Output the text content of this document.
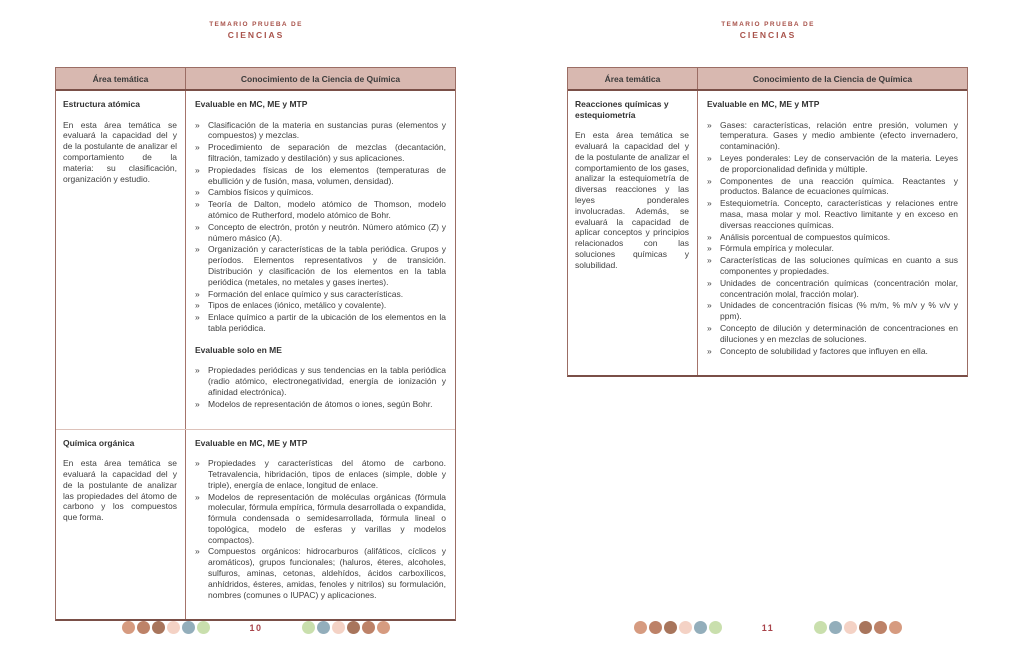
TEMARIO PRUEBA DE
CIENCIAS
Área temática	Conocimiento de la Ciencia de Química
Estructura atómica
En esta área temática se evaluará la capacidad del y de la postulante de analizar el comportamiento de la materia: su clasificación, organización y estudio.
Evaluable en MC, ME y MTP
» Clasificación de la materia en sustancias puras (elementos y compuestos) y mezclas.
» Procedimiento de separación de mezclas (decantación, filtración, tamizado y destilación) y sus aplicaciones.
» Propiedades físicas de los elementos (temperaturas de ebullición y de fusión, masa, volumen, densidad).
» Cambios físicos y químicos.
» Teoría de Dalton, modelo atómico de Thomson, modelo atómico de Rutherford, modelo atómico de Bohr.
» Concepto de electrón, protón y neutrón. Número atómico (Z) y número másico (A).
» Organización y características de la tabla periódica. Grupos y períodos. Elementos representativos y de transición. Distribución y clasificación de los elementos en la tabla periódica (metales, no metales y gases inertes).
» Formación del enlace químico y sus características.
» Tipos de enlaces (iónico, metálico y covalente).
» Enlace químico a partir de la ubicación de los elementos en la tabla periódica.
Evaluable solo en ME
» Propiedades periódicas y sus tendencias en la tabla periódica (radio atómico, electronegatividad, energía de ionización y afinidad electrónica).
» Modelos de representación de átomos o iones, según Bohr.
Química orgánica
En esta área temática se evaluará la capacidad del y de la postulante de analizar las propiedades del átomo de carbono y los compuestos que forma.
Evaluable en MC, ME y MTP
» Propiedades y características del átomo de carbono. Tetravalencia, hibridación, tipos de enlaces (simple, doble y triple), energía de enlace, longitud de enlace.
» Modelos de representación de moléculas orgánicas (fórmula molecular, fórmula empírica, fórmula desarrollada o expandida, fórmula condensada o semidesarrollada, fórmula lineal o topológica, modelo de esferas y varillas y modelos compactos).
» Compuestos orgánicos: hidrocarburos (alifáticos, cíclicos y aromáticos), grupos funcionales; (haluros, éteres, alcoholes, sulfuros, aminas, cetonas, aldehídos, ácidos carboxílicos, anhídridos, ésteres, amidas, fenoles y nitrilos) su formulación, nombres (comunes o IUPAC) y aplicaciones.
10
TEMARIO PRUEBA DE
CIENCIAS
Área temática	Conocimiento de la Ciencia de Química
Reacciones químicas y estequiometría
En esta área temática se evaluará la capacidad del y de la postulante de analizar el comportamiento de los gases, analizar la estequiometría de diversas reacciones y las leyes ponderales involucradas. Además, se evaluará la capacidad de aplicar conceptos y principios relacionados con las soluciones químicas y solubilidad.
Evaluable en MC, ME y MTP
» Gases: características, relación entre presión, volumen y temperatura. Gases y medio ambiente (efecto invernadero, contaminación).
» Leyes ponderales: Ley de conservación de la materia. Leyes de proporcionalidad definida y múltiple.
» Componentes de una reacción química. Reactantes y productos. Balance de ecuaciones químicas.
» Estequiometría. Concepto, características y relaciones entre masa, masa molar y mol. Reactivo limitante y en exceso en diversas reacciones químicas.
» Análisis porcentual de compuestos químicos.
» Fórmula empírica y molecular.
» Características de las soluciones químicas en cuanto a sus componentes y propiedades.
» Unidades de concentración químicas (concentración molar, concentración molal, fracción molar).
» Unidades de concentración físicas (% m/m, % m/v y % v/v y ppm).
» Concepto de dilución y determinación de concentraciones en diluciones y en mezclas de soluciones.
» Concepto de solubilidad y factores que influyen en ella.
11
